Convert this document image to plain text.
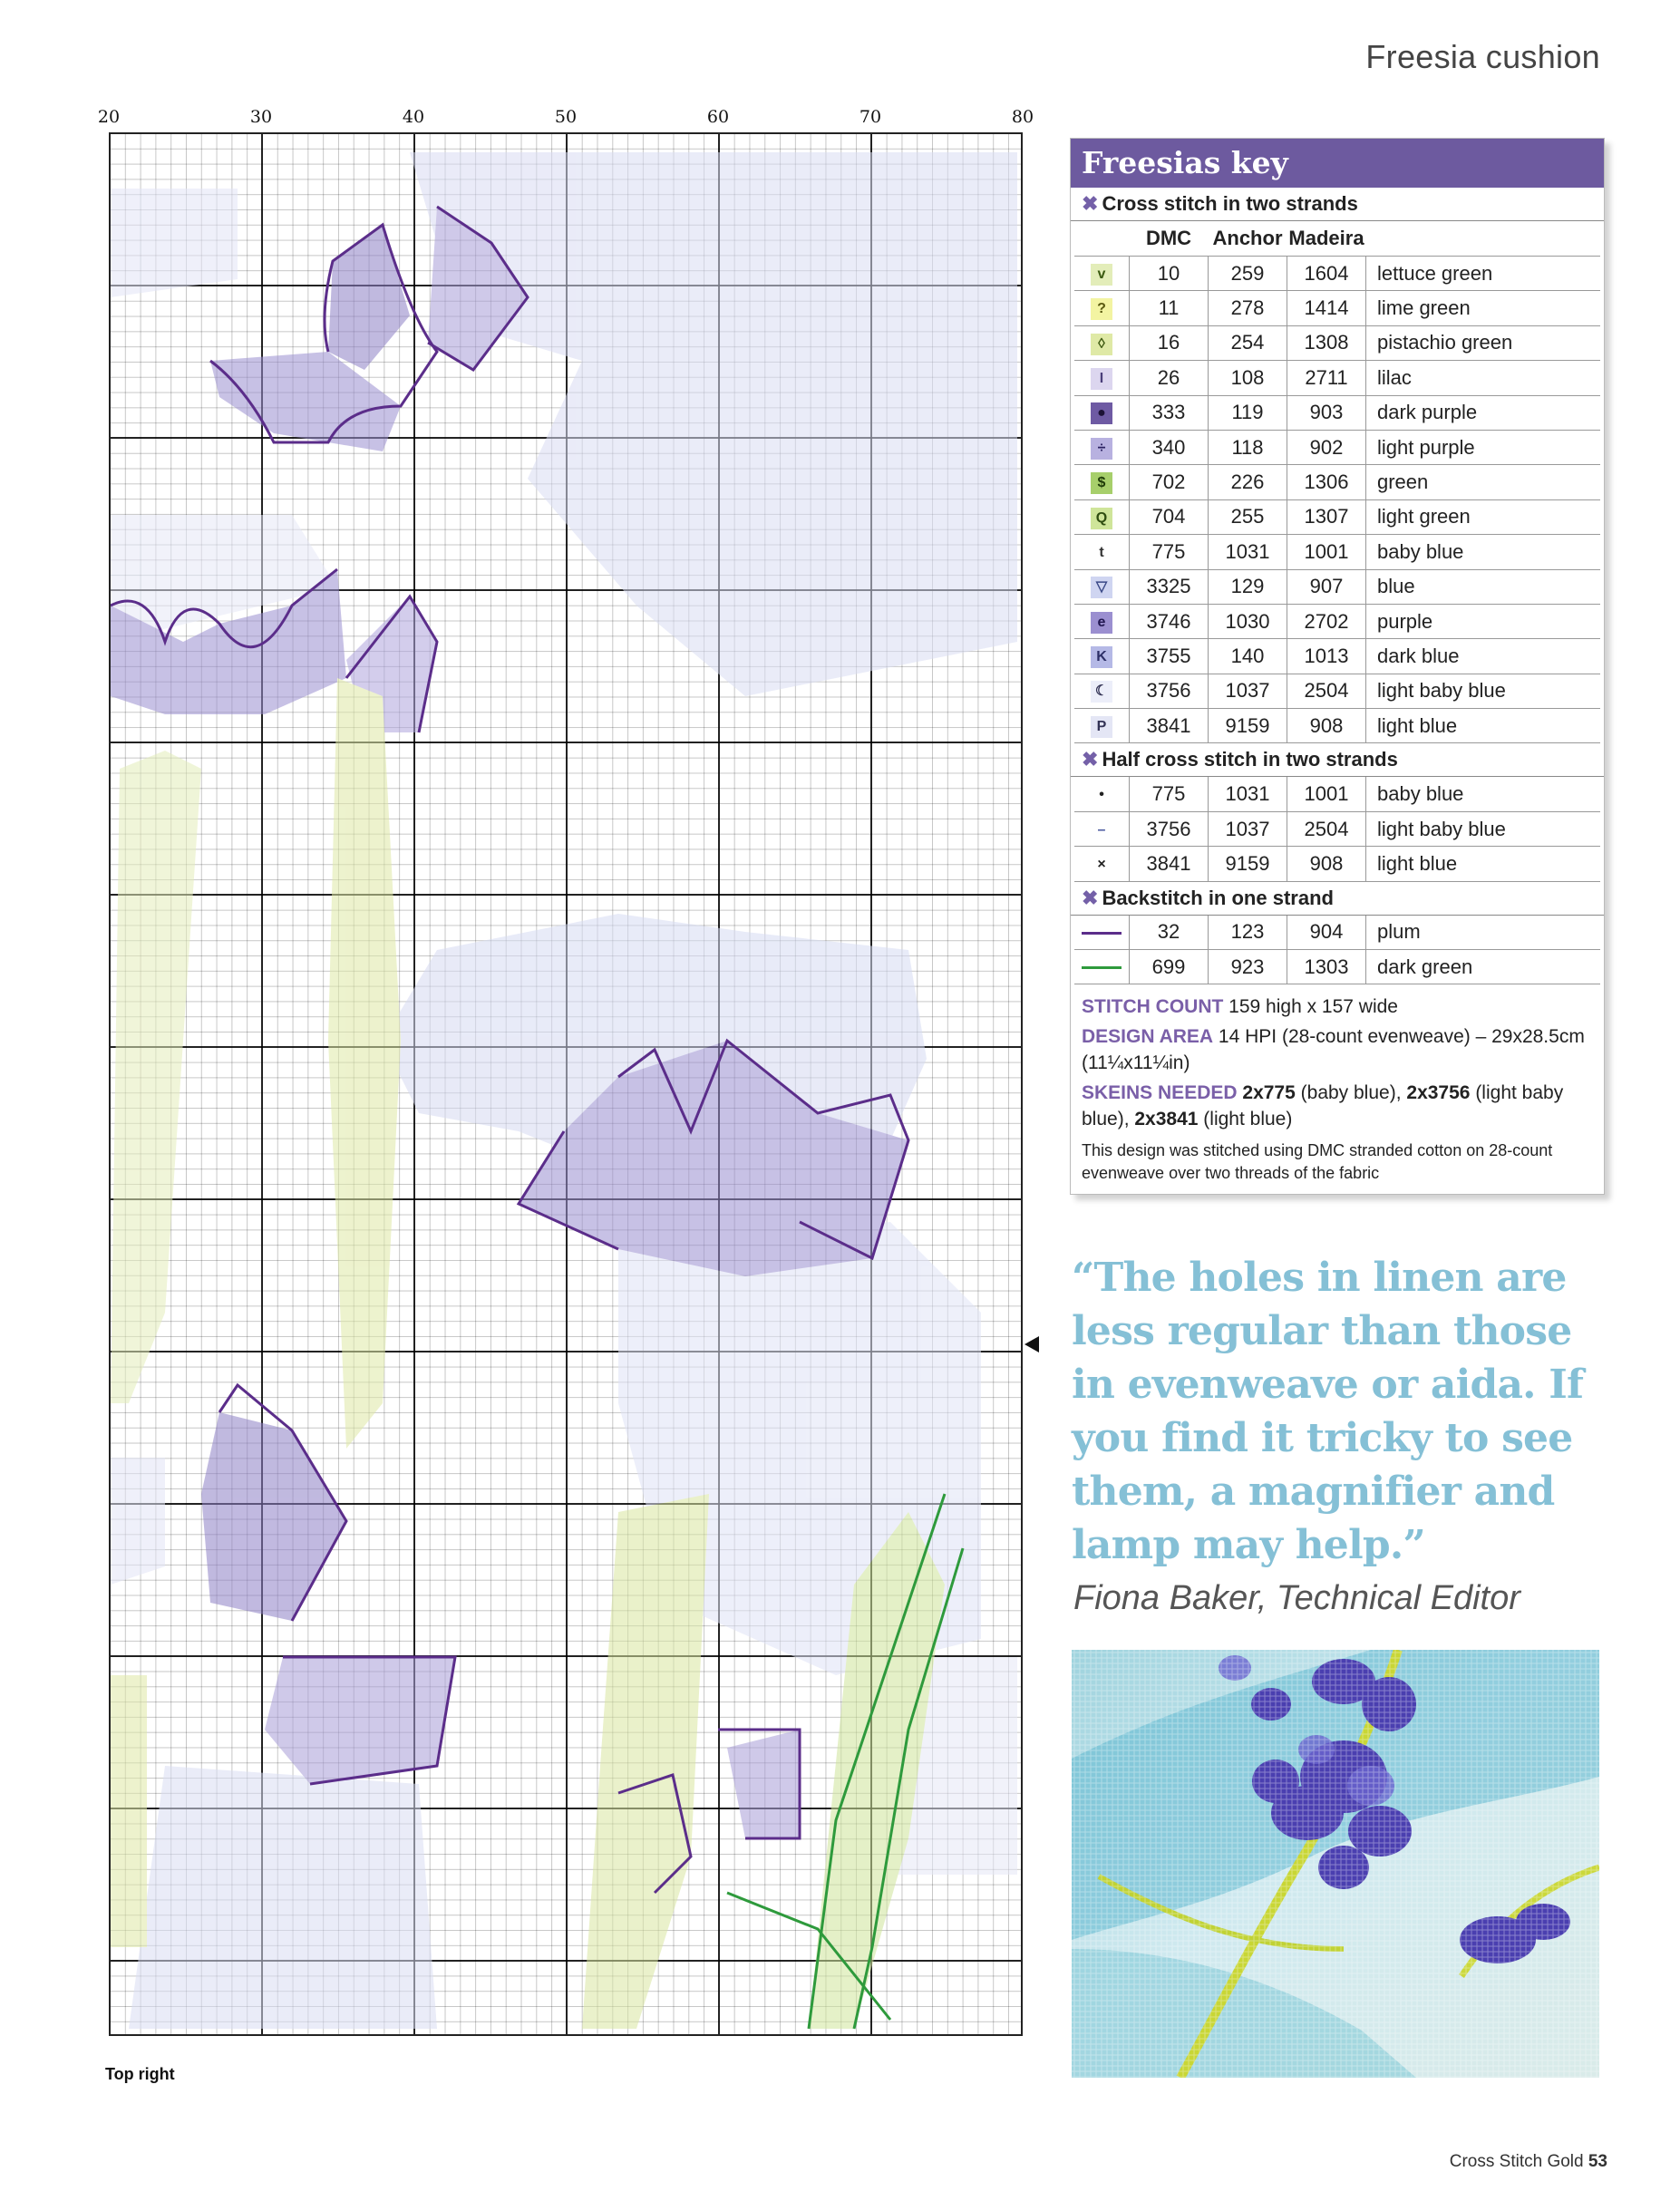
Freesia cushion
20	30	40	50	60	70	80
Top right
Freesias key
✖ Cross stitch in two strands
	DMC	Anchor	Madeira	
v	10	259	1604	lettuce green
?	11	278	1414	lime green
◊	16	254	1308	pistachio green
I	26	108	2711	lilac
●	333	119	903	dark purple
÷	340	118	902	light purple
$	702	226	1306	green
Q	704	255	1307	light green
t	775	1031	1001	baby blue
▽	3325	129	907	blue
e	3746	1030	2702	purple
K	3755	140	1013	dark blue
☾	3756	1037	2504	light baby blue
P	3841	9159	908	light blue
✖ Half cross stitch in two strands
•	775	1031	1001	baby blue
–	3756	1037	2504	light baby blue
×	3841	9159	908	light blue
✖ Backstitch in one strand
	32	123	904	plum
	699	923	1303	dark green
STITCH COUNT 159 high x 157 wide
DESIGN AREA 14 HPI (28-count evenweave) – 29x28.5cm (11¼x11¼in)
SKEINS NEEDED 2x775 (baby blue), 2x3756 (light baby blue), 2x3841 (light blue)
This design was stitched using DMC stranded cotton on 28-count evenweave over two threads of the fabric
“The holes in linen are less regular than those in evenweave or aida. If you find it tricky to see them, a magnifier and lamp may help.”
Fiona Baker, Technical Editor
Cross Stitch Gold 53
